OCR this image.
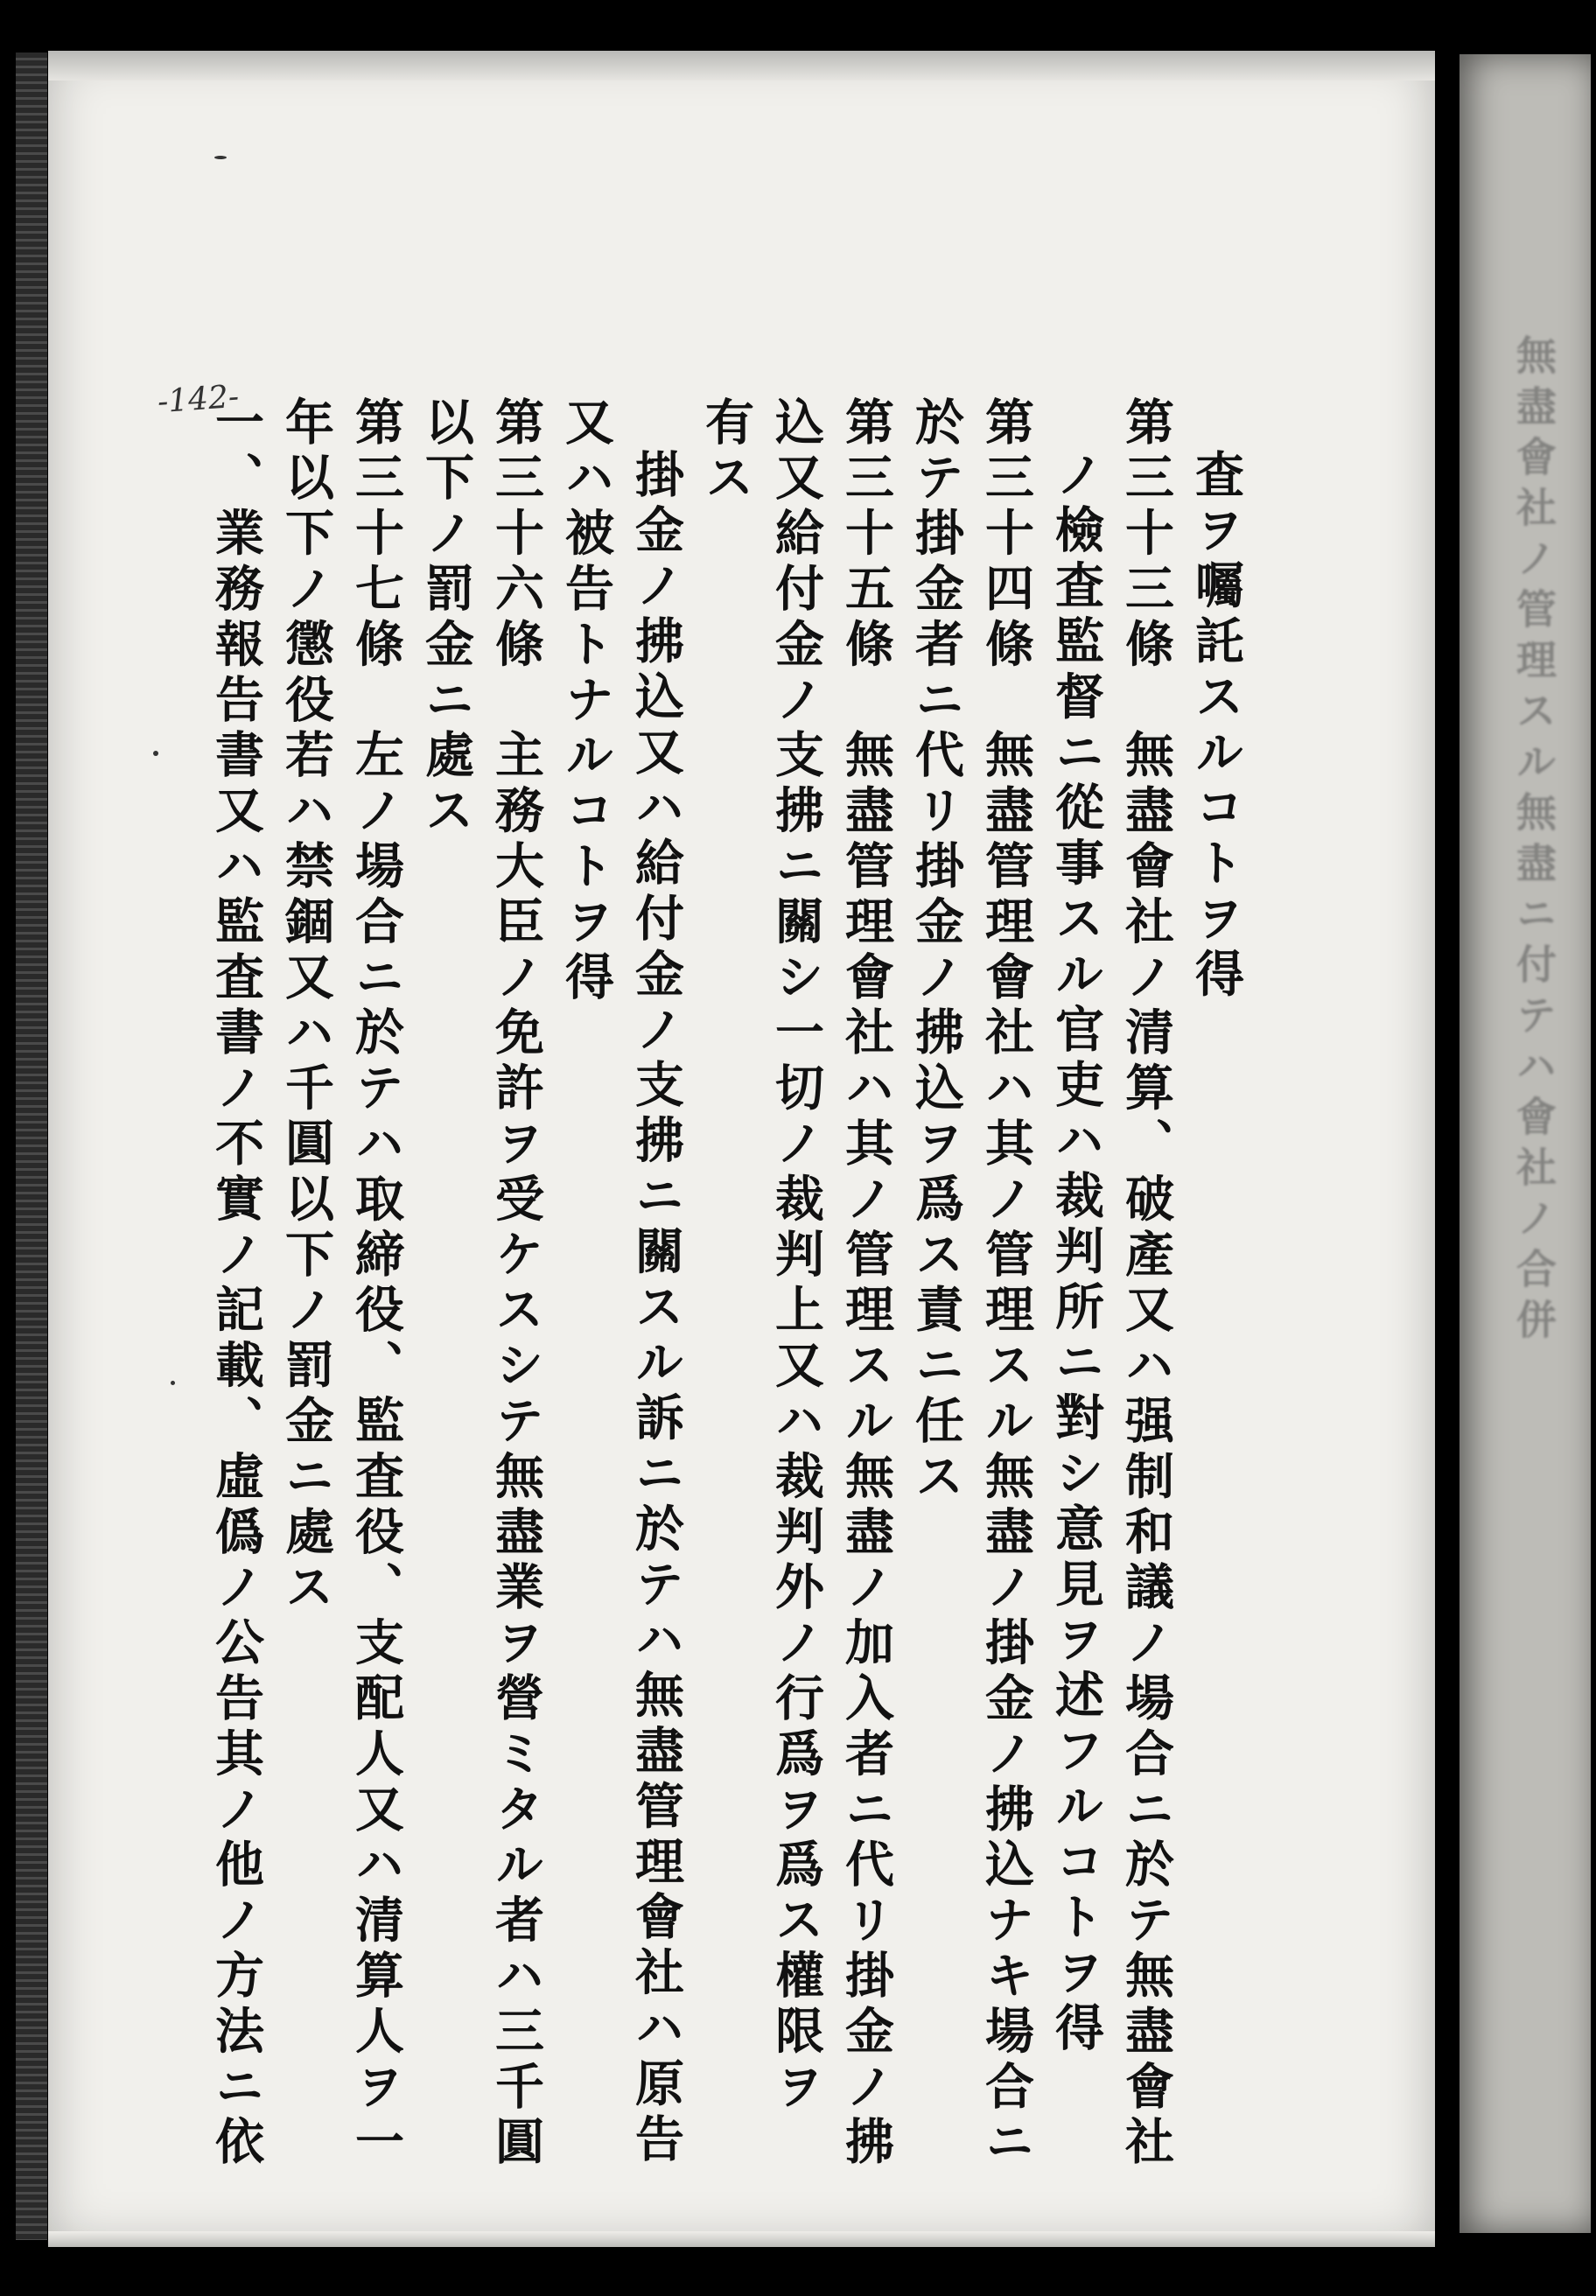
-142-
査ヲ囑託スルコトヲ得
第三十三條　無盡會社ノ清算、破產又ハ强制和議ノ場合ニ於テ無盡會社
ノ檢査監督ニ從事スル官吏ハ裁判所ニ對シ意見ヲ述フルコトヲ得
第三十四條　無盡管理會社ハ其ノ管理スル無盡ノ掛金ノ拂込ナキ場合ニ
於テ掛金者ニ代リ掛金ノ拂込ヲ爲ス責ニ任ス
第三十五條　無盡管理會社ハ其ノ管理スル無盡ノ加入者ニ代リ掛金ノ拂
込又給付金ノ支拂ニ關シ一切ノ裁判上又ハ裁判外ノ行爲ヲ爲ス權限ヲ
有ス
掛金ノ拂込又ハ給付金ノ支拂ニ關スル訴ニ於テハ無盡管理會社ハ原告
又ハ被告トナルコトヲ得
第三十六條　主務大臣ノ免許ヲ受ケスシテ無盡業ヲ營ミタル者ハ三千圓
以下ノ罰金ニ處ス
第三十七條　左ノ場合ニ於テハ取締役、監査役、支配人又ハ清算人ヲ一
年以下ノ懲役若ハ禁錮又ハ千圓以下ノ罰金ニ處ス
一、業務報告書又ハ監査書ノ不實ノ記載、虛僞ノ公告其ノ他ノ方法ニ依	無盡會社ノ管理スル無盡ニ付テハ會社ノ合併
